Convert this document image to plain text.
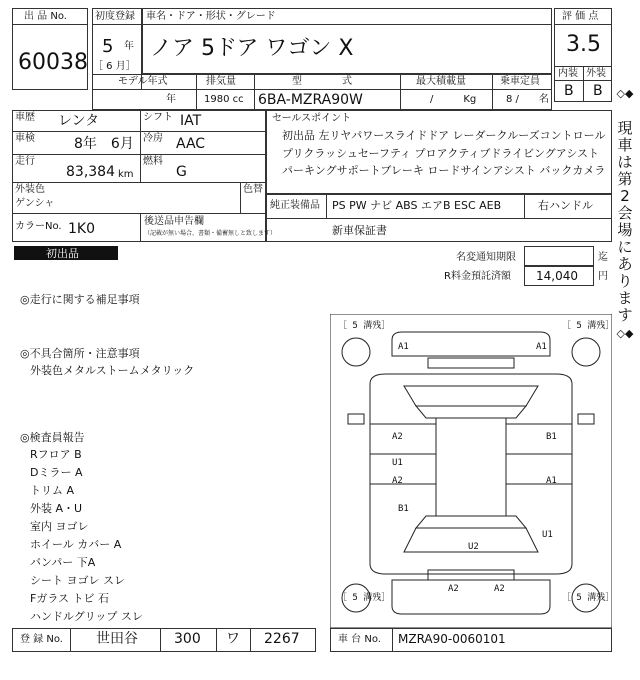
出 品 No.
60038
初度登録
5 年
［ 6 月］
車名・ドア・形状・グレード
ノア 5ドア ワゴン X
評 価 点
3.5
内装 外装
B B
モデル年式
年
排気量
1980 cc
型　　　　式
6BA-MZRA90W
最大積載量
/　　　Kg
乗車定員
8 /　　名
車歴 レンタ	シフト IAT
車検	8年　6月 冷房 AAC
走行
83,384 km
燃料
G
外装色
ゲンシャ
色替
カラーNo. 1K0
セールスポイント
初出品 左リヤパワースライドドア レーダークルーズコントロール
プリクラッシュセーフティ プロアクティブドライビングアシスト
パーキングサポートブレーキ ロードサインアシスト バックカメラ
純正装備品 PS PW ナビ ABS エアB ESC AEB	右ハンドル
新車保証書
後送品申告欄
（記載が無い場合、書類・備蓄無しと致します）
初出品	名変通知期限	迄
R料金預託済額 14,040 円
◎走行に関する補足事項
◎不具合箇所・注意事項
外装色メタルストームメタリック
◎検査員報告
Rフロア B
Dミラー A
トリム A
外装 A・U
室内 ヨゴレ
ホイール カバー A
バンパー 下A
シート ヨゴレ スレ
Fガラス トビ 石
ハンドルグリップ スレ
［ 5 溝残］	［ 5 溝残］
［ 5 溝残］	［ 5 溝残］
A1	A1
A2	B1
U1
A2	A1
B1
U2
U1
A2	A2
◇◆
現車は第2会場にあります
◇◆
登 録 No. 世田谷	300 ワ 2267	車 台 No. MZRA90-0060101
